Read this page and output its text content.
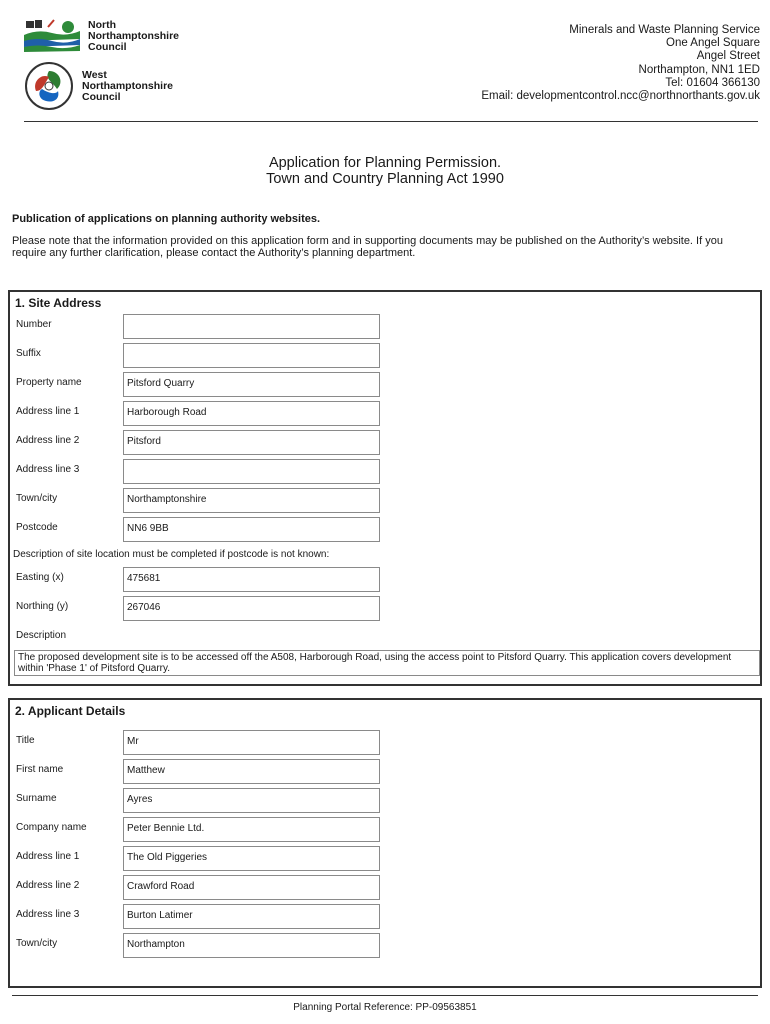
North
Northamptonshire
Council
West
Northamptonshire
Council
Minerals and Waste Planning Service
One Angel Square
Angel Street
Northampton, NN1 1ED
Tel: 01604 366130
Email: developmentcontrol.ncc@northnorthants.gov.uk
Application for Planning Permission.
Town and Country Planning Act 1990
Publication of applications on planning authority websites.
Please note that the information provided on this application form and in supporting documents may be published on the Authority’s website. If you require any further clarification, please contact the Authority’s planning department.
1. Site Address
Number
Suffix
Property name	Pitsford Quarry
Address line 1	Harborough Road
Address line 2	Pitsford
Address line 3
Town/city	Northamptonshire
Postcode	NN6 9BB
Description of site location must be completed if postcode is not known:
Easting (x)	475681
Northing (y)	267046
Description
The proposed development site is to be accessed off the A508, Harborough Road, using the access point to Pitsford Quarry. This application covers development within 'Phase 1' of Pitsford Quarry.
2. Applicant Details
Title	Mr
First name	Matthew
Surname	Ayres
Company name	Peter Bennie Ltd.
Address line 1	The Old Piggeries
Address line 2	Crawford Road
Address line 3	Burton Latimer
Town/city	Northampton
Planning Portal Reference: PP-09563851
